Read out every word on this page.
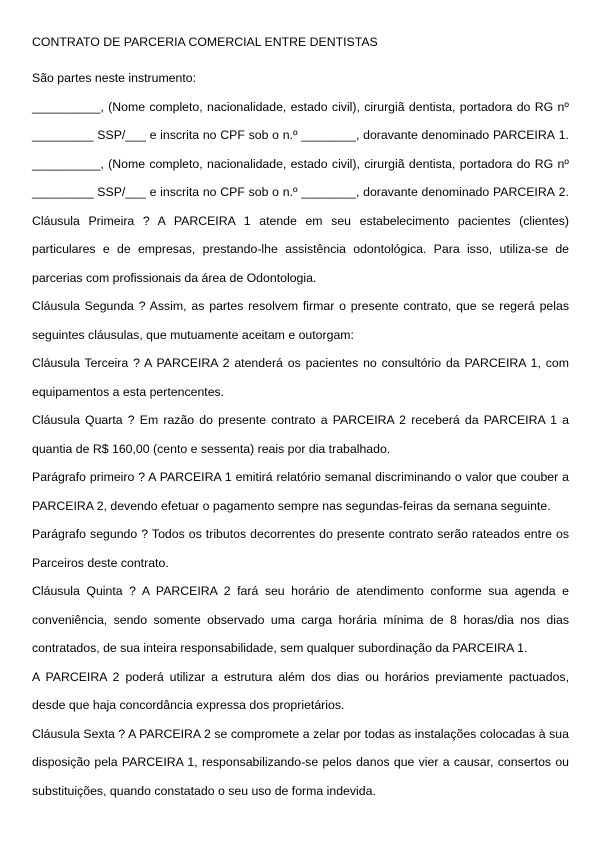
CONTRATO DE PARCERIA COMERCIAL ENTRE DENTISTAS

São partes neste instrumento:

__________, (Nome completo, nacionalidade, estado civil), cirurgiã dentista, portadora do RG nº
_________ SSP/___ e inscrita no CPF sob o n.º ________, doravante denominado PARCEIRA 1.
__________, (Nome completo, nacionalidade, estado civil), cirurgiã dentista, portadora do RG nº
_________ SSP/___ e inscrita no CPF sob o n.º ________, doravante denominado PARCEIRA 2.

Cláusula Primeira ? A PARCEIRA 1 atende em seu estabelecimento pacientes (clientes) particulares e de empresas, prestando-lhe assistência odontológica. Para isso, utiliza-se de parcerias com profissionais da área de Odontologia.

Cláusula Segunda ? Assim, as partes resolvem firmar o presente contrato, que se regerá pelas seguintes cláusulas, que mutuamente aceitam e outorgam:

Cláusula Terceira ? A PARCEIRA 2 atenderá os pacientes no consultório da PARCEIRA 1, com equipamentos a esta pertencentes.

Cláusula Quarta ? Em razão do presente contrato a PARCEIRA 2 receberá da PARCEIRA 1 a quantia de R$ 160,00 (cento e sessenta) reais por dia trabalhado.

Parágrafo primeiro ? A PARCEIRA 1 emitirá relatório semanal discriminando o valor que couber a PARCEIRA 2, devendo efetuar o pagamento sempre nas segundas-feiras da semana seguinte.

Parágrafo segundo ? Todos os tributos decorrentes do presente contrato serão rateados entre os Parceiros deste contrato.

Cláusula Quinta ? A PARCEIRA 2 fará seu horário de atendimento conforme sua agenda e conveniência, sendo somente observado uma carga horária mínima de 8 horas/dia nos dias contratados, de sua inteira responsabilidade, sem qualquer subordinação da PARCEIRA 1.

A PARCEIRA 2 poderá utilizar a estrutura além dos dias ou horários previamente pactuados, desde que haja concordância expressa dos proprietários.

Cláusula Sexta ? A PARCEIRA 2 se compromete a zelar por todas as instalações colocadas à sua disposição pela PARCEIRA 1, responsabilizando-se pelos danos que vier a causar, consertos ou substituições, quando constatado o seu uso de forma indevida.
